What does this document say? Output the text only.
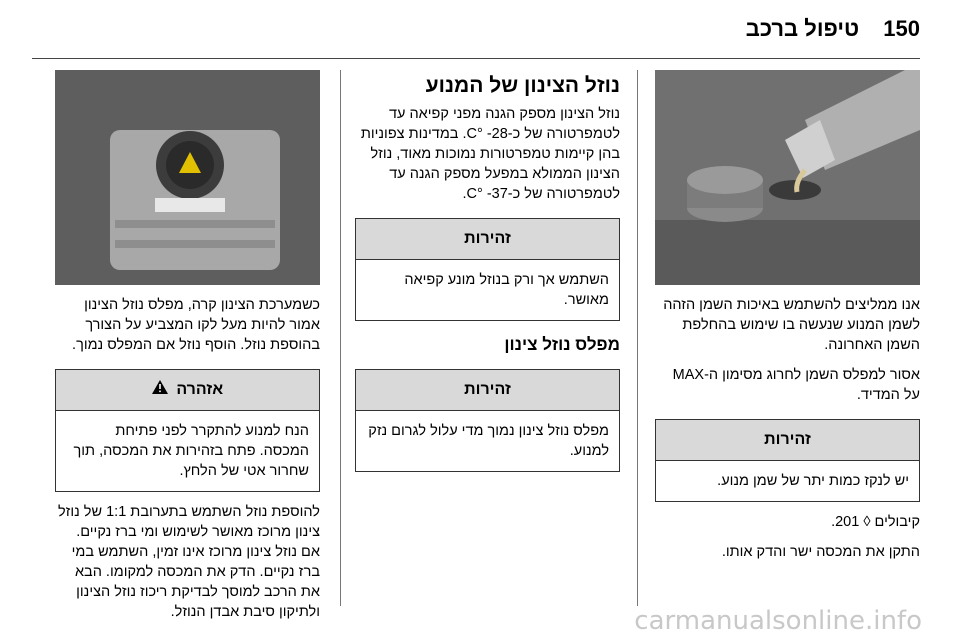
150 טיפול ברכב

אנו ממליצים להשתמש באיכות השמן הזהה לשמן המנוע שנעשה בו שימוש בהחלפת השמן האחרונה.

אסור למפלס השמן לחרוג מסימון ה-MAX על המדיד.

זהירות
יש לנקז כמות יתר של שמן מנוע.

קיבולים ◊ 201.

התקן את המכסה ישר והדק אותו.

נוזל הצינון של המנוע

נוזל הצינון מספק הגנה מפני קפיאה עד לטמפרטורה של כ-28- °C. במדינות צפוניות בהן קיימות טמפרטורות נמוכות מאוד, נוזל הצינון הממולא במפעל מספק הגנה עד לטמפרטורה של כ-37- °C.

זהירות
השתמש אך ורק בנוזל מונע קפיאה מאושר.
מפלס נוזל צינון
זהירות
מפלס נוזל צינון נמוך מדי עלול לגרום נזק למנוע.

כשמערכת הצינון קרה, מפלס נוזל הצינון אמור להיות מעל לקו המצביע על הצורך בהוספת נוזל. הוסף נוזל אם המפלס נמוך.

אזהרה
הנח למנוע להתקרר לפני פתיחת המכסה. פתח בזהירות את המכסה, תוך שחרור אטי של הלחץ.

להוספת נוזל השתמש בתערובת 1:1 של נוזל צינון מרוכז מאושר לשימוש ומי ברז נקיים. אם נוזל צינון מרוכז אינו זמין, השתמש במי ברז נקיים. הדק את המכסה למקומו. הבא את הרכב למוסך לבדיקת ריכוז נוזל הצינון ולתיקון סיבת אבדן הנוזל.	carmanualsonline.info
